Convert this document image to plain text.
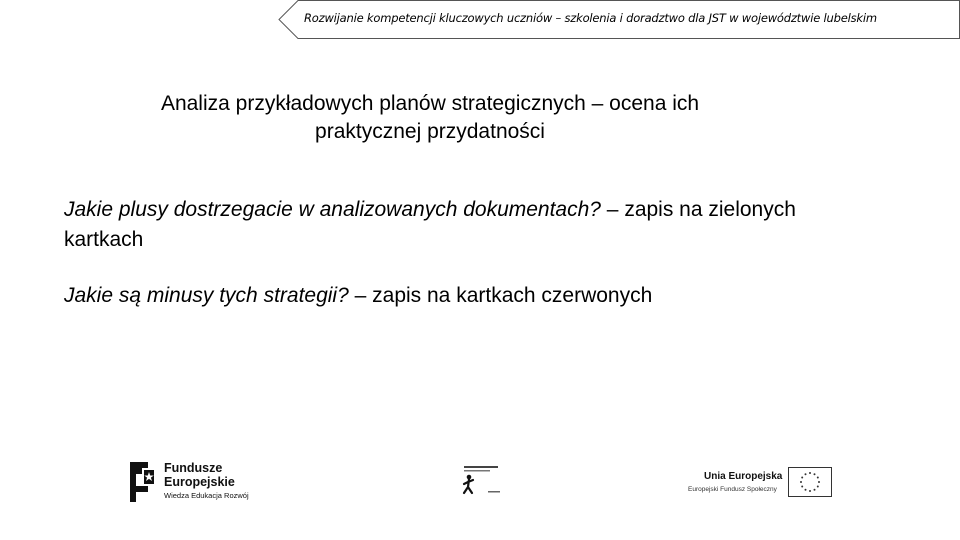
Rozwijanie kompetencji kluczowych uczniów – szkolenia i doradztwo dla JST w województwie lubelskim
Analiza przykładowych planów strategicznych – ocena ich
praktycznej przydatności
Jakie plusy dostrzegacie w analizowanych dokumentach? – zapis na zielonych kartkach
Jakie są minusy tych strategii? – zapis na kartkach czerwonych
Fundusze
Europejskie
Wiedza Edukacja Rozwój
Unia Europejska
Europejski Fundusz Społeczny
